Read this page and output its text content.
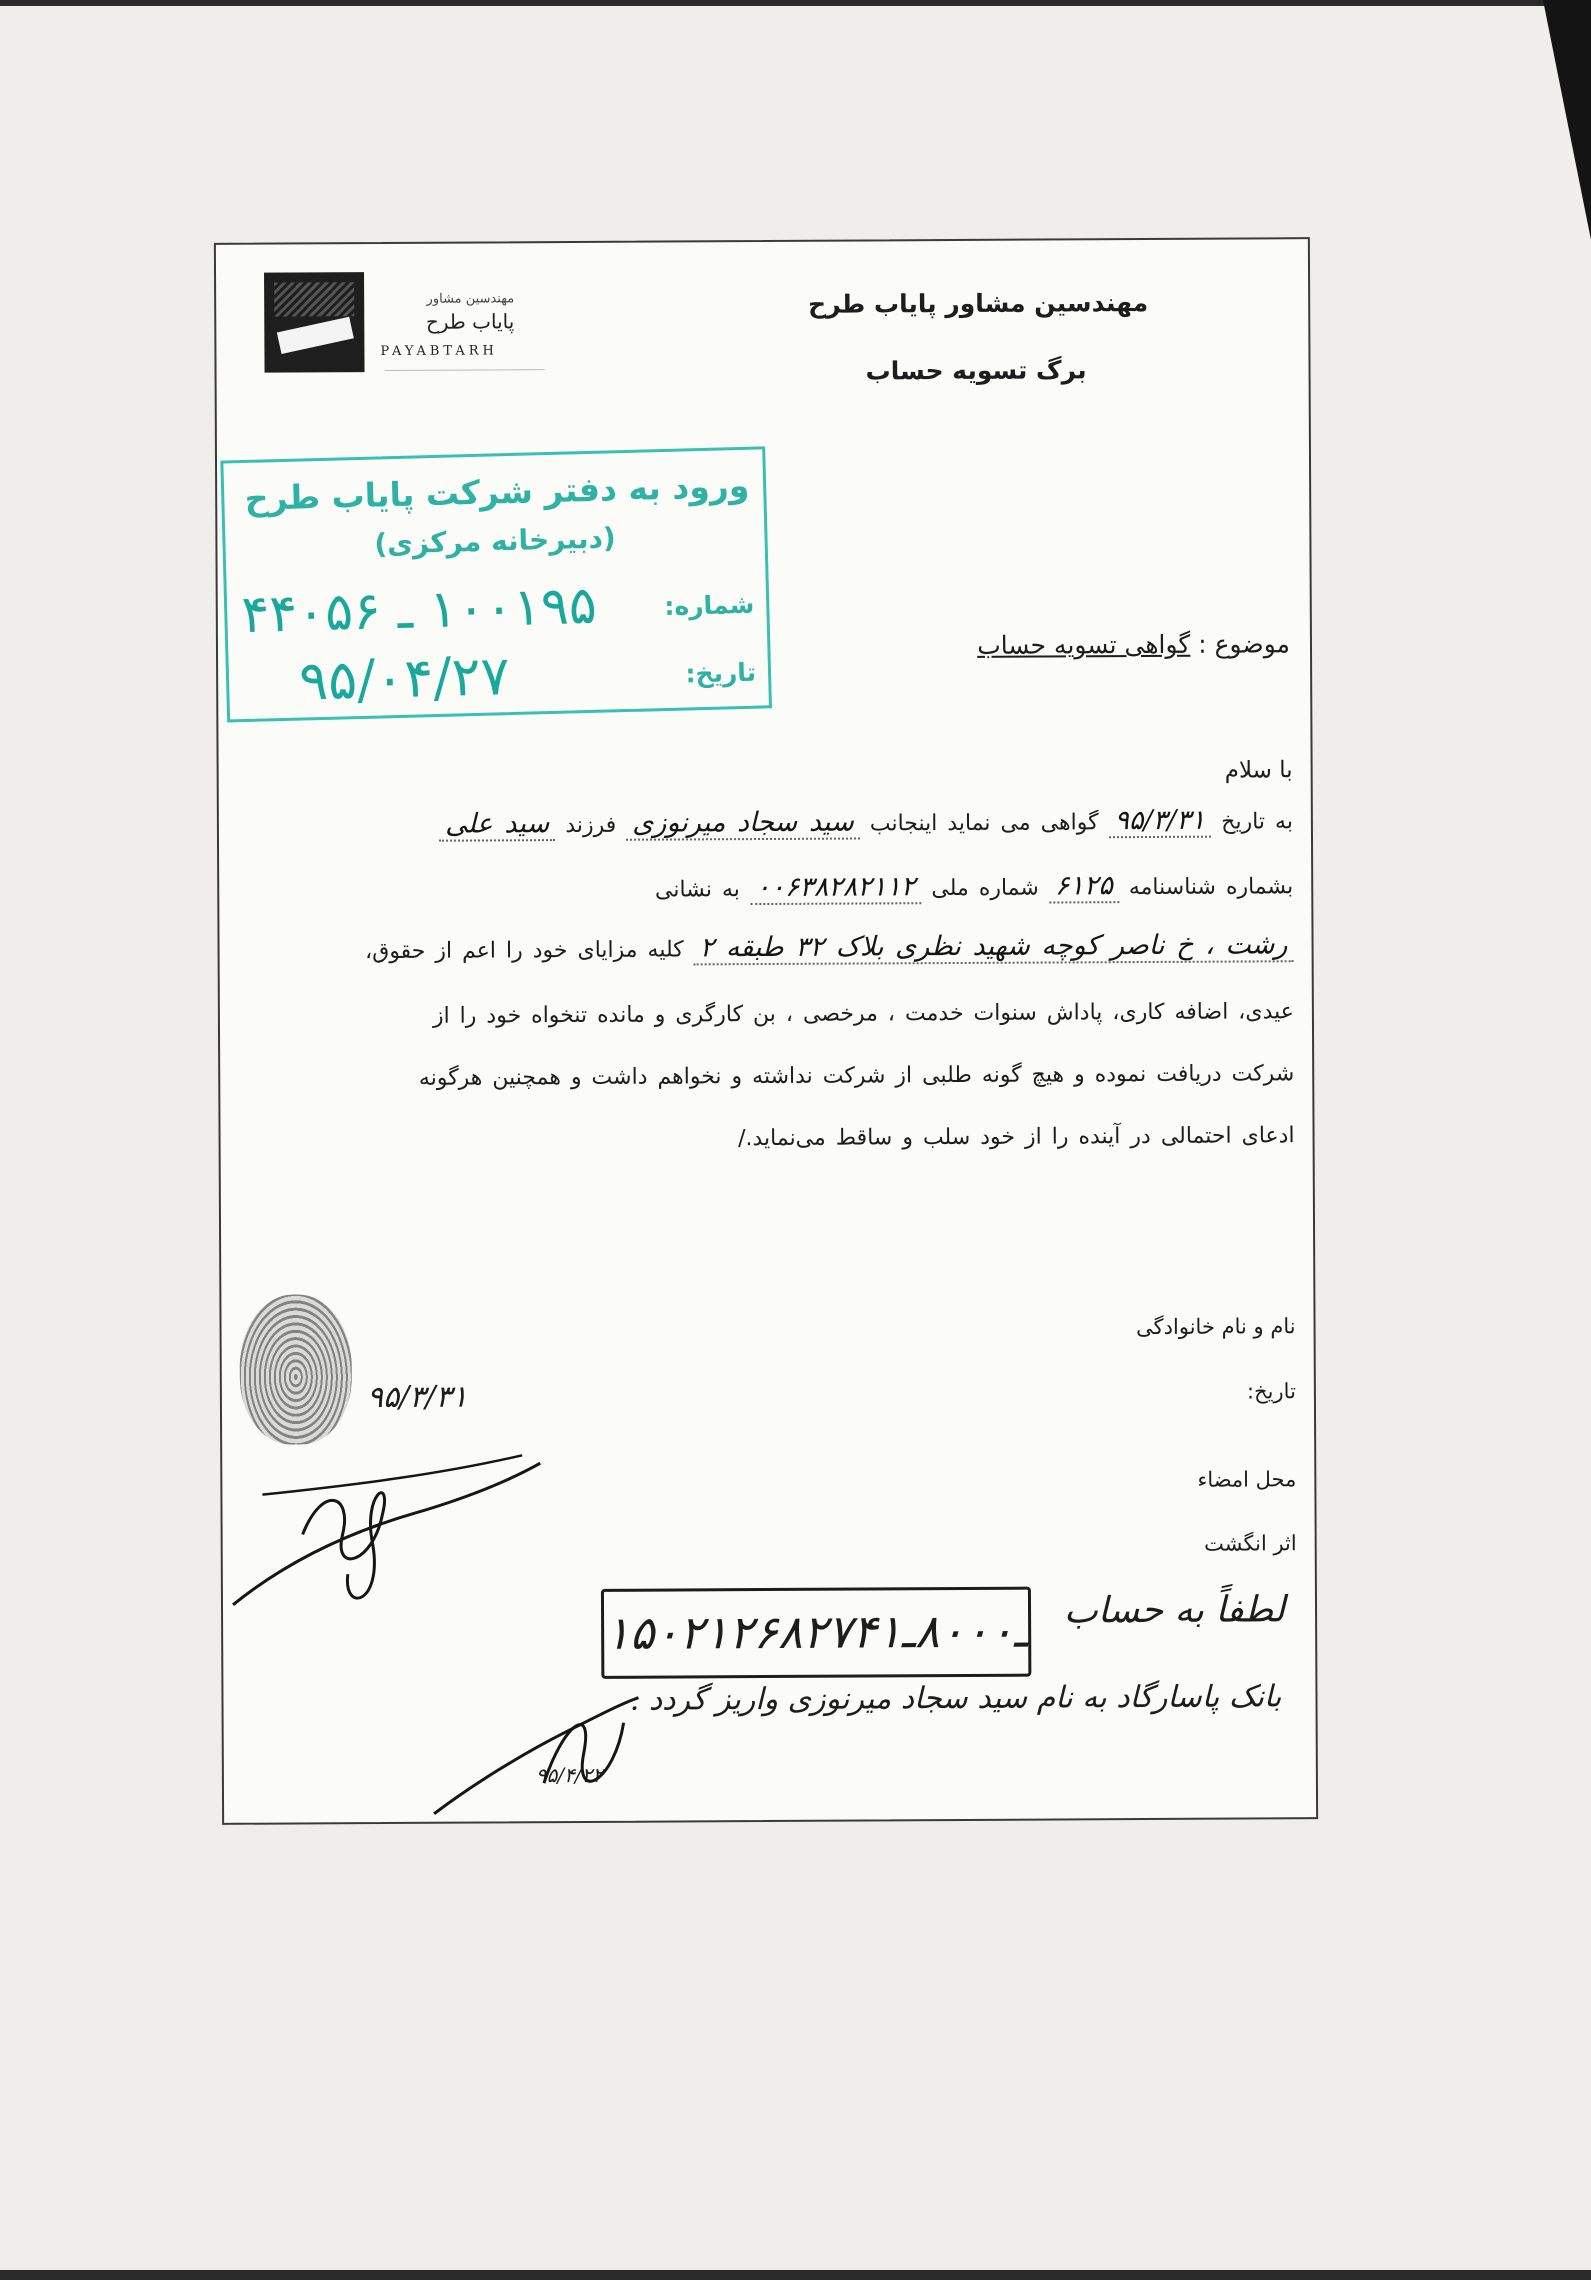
مهندسین مشاور
پایاب طرح
PAYABTARH
مهندسین مشاور پایاب طرح
برگ تسویه حساب
ورود به دفتر شرکت پایاب طرح
(دبیرخانه مرکزی)
شماره:
۱۰۰۱۹۵ ـ ۴۴۰۵۶
تاریخ:
۹۵/۰۴/۲۷
موضوع : گواهی تسویه حساب
با سلام
به تاریخ ۹۵/۳/۳۱ گواهی می نماید اینجانب سید سجاد میرنوزی فرزند سید علی
بشماره شناسنامه ۶۱۲۵ شماره ملی ۰۰۶۳۸۲۸۲۱۱۲ به نشانی
رشت ، خ ناصر کوچه شهید نظری بلاک ۳۲ طبقه ۲ کلیه مزایای خود را اعم از حقوق،
عیدی، اضافه کاری، پاداش سنوات خدمت ، مرخصی ، بن کارگری و مانده تنخواه خود را از
شرکت دریافت نموده و هیچ گونه طلبی از شرکت نداشته و نخواهم داشت و همچنین هرگونه
ادعای احتمالی در آینده را از خود سلب و ساقط می‌نماید./
نام و نام خانوادگی
تاریخ:
۹۵/۳/۳۱
محل امضاء
اثر انگشت
۱۵۰۲ـ۸۰۰۰ـ۱۲۶۸۲۷۴۱ لطفاً به حساب
بانک پاسارگاد به نام سید سجاد میرنوزی واریز گردد .
۹۵/۴/۲۲
